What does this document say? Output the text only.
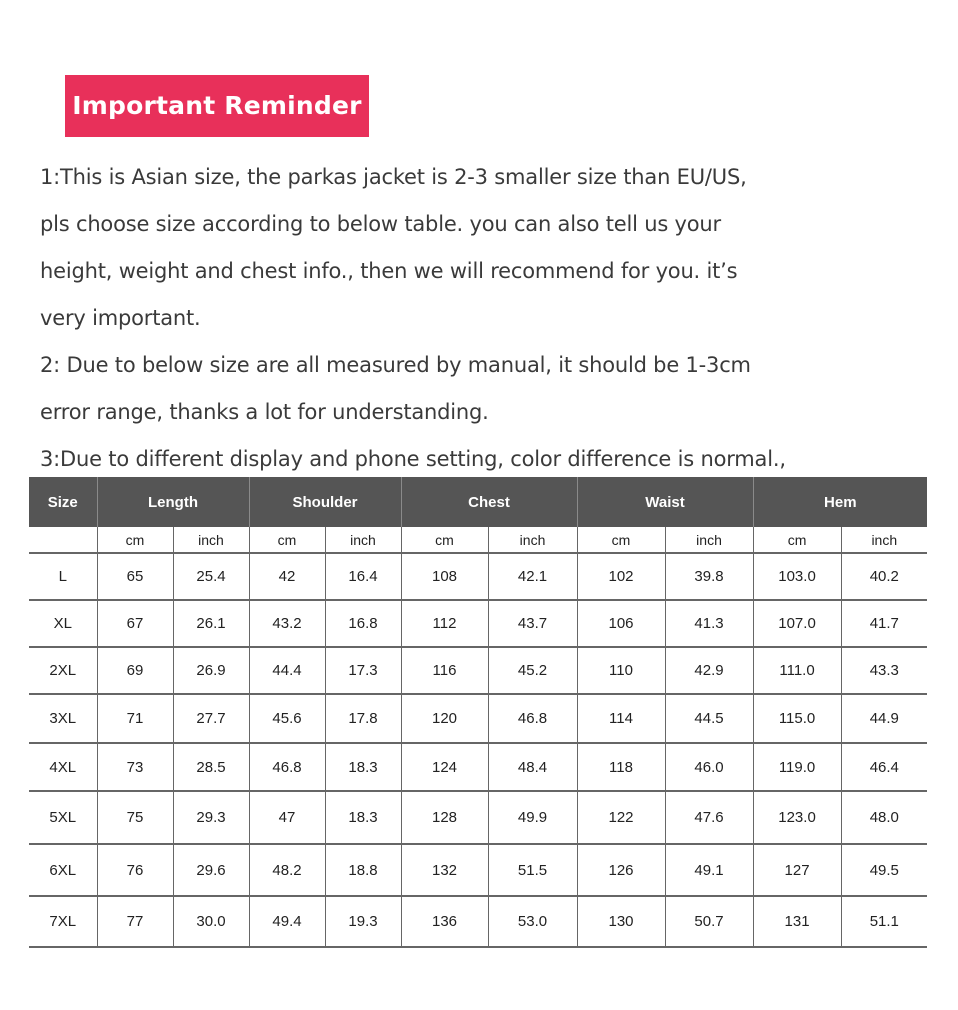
Important Reminder
1:This is Asian size, the parkas jacket is 2-3 smaller size than EU/US,
pls choose size according to below table. you can also tell us your
height, weight and chest info., then we will recommend for you. it’s
very important.
2: Due to below size are all measured by manual, it should be 1-3cm
error range, thanks a lot for understanding.
3:Due to different display and phone setting, color difference is normal.,
Size	Length		Shoulder		Chest		Waist		Hem	
	cm	inch	cm	inch	cm	inch	cm	inch	cm	inch
L	65	25.4	42	16.4	108	42.1	102	39.8	103.0	40.2
XL	67	26.1	43.2	16.8	112	43.7	106	41.3	107.0	41.7
2XL	69	26.9	44.4	17.3	116	45.2	110	42.9	111.0	43.3
3XL	71	27.7	45.6	17.8	120	46.8	114	44.5	115.0	44.9
4XL	73	28.5	46.8	18.3	124	48.4	118	46.0	119.0	46.4
5XL	75	29.3	47	18.3	128	49.9	122	47.6	123.0	48.0
6XL	76	29.6	48.2	18.8	132	51.5	126	49.1	127	49.5
7XL	77	30.0	49.4	19.3	136	53.0	130	50.7	131	51.1
